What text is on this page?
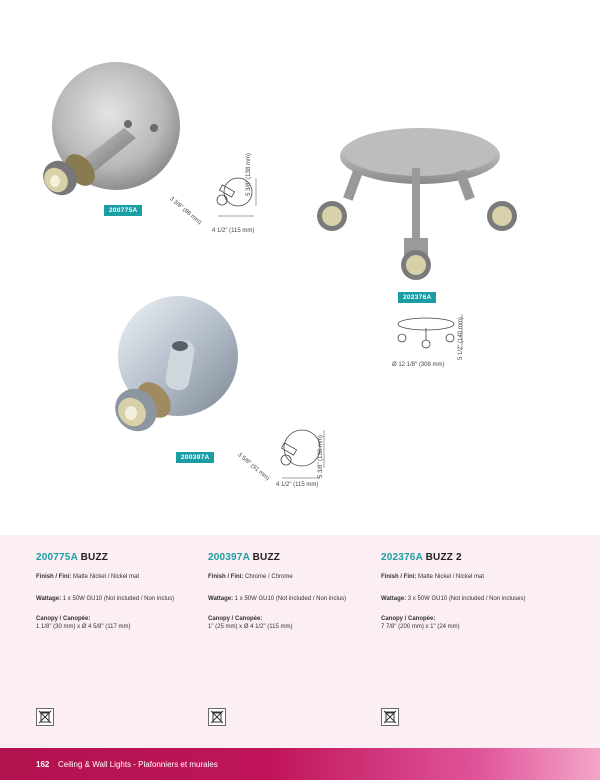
200775A
5 3/8" (138 mm)
3 3/8" (86 mm)
4 1/2" (115 mm)
202376A
5 1/2" (140 mm)
Ø 12 1/8" (308 mm)
200397A	5 3/8" (138 mm)
3 5/8" (91 mm)
4 1/2" (115 mm)
200775A BUZZ
Finish / Fini: Matte Nickel / Nickel mat
Wattage: 1 x 50W GU10 (Not included / Non inclus)
Canopy / Canopée:
1 1/8" (30 mm) x Ø 4 5/8" (117 mm)
200397A BUZZ
Finish / Fini: Chrome / Chrome
Wattage: 1 x 50W GU10 (Not included / Non inclus)
Canopy / Canopée:
1" (25 mm) x Ø 4 1/2" (115 mm)
202376A BUZZ 2
Finish / Fini: Matte Nickel / Nickel mat
Wattage: 3 x 50W GU10 (Not included / Non incluses)
Canopy / Canopée:
7 7/8" (200 mm) x 1" (24 mm)
162 Ceiling & Wall Lights - Plafonniers et murales
